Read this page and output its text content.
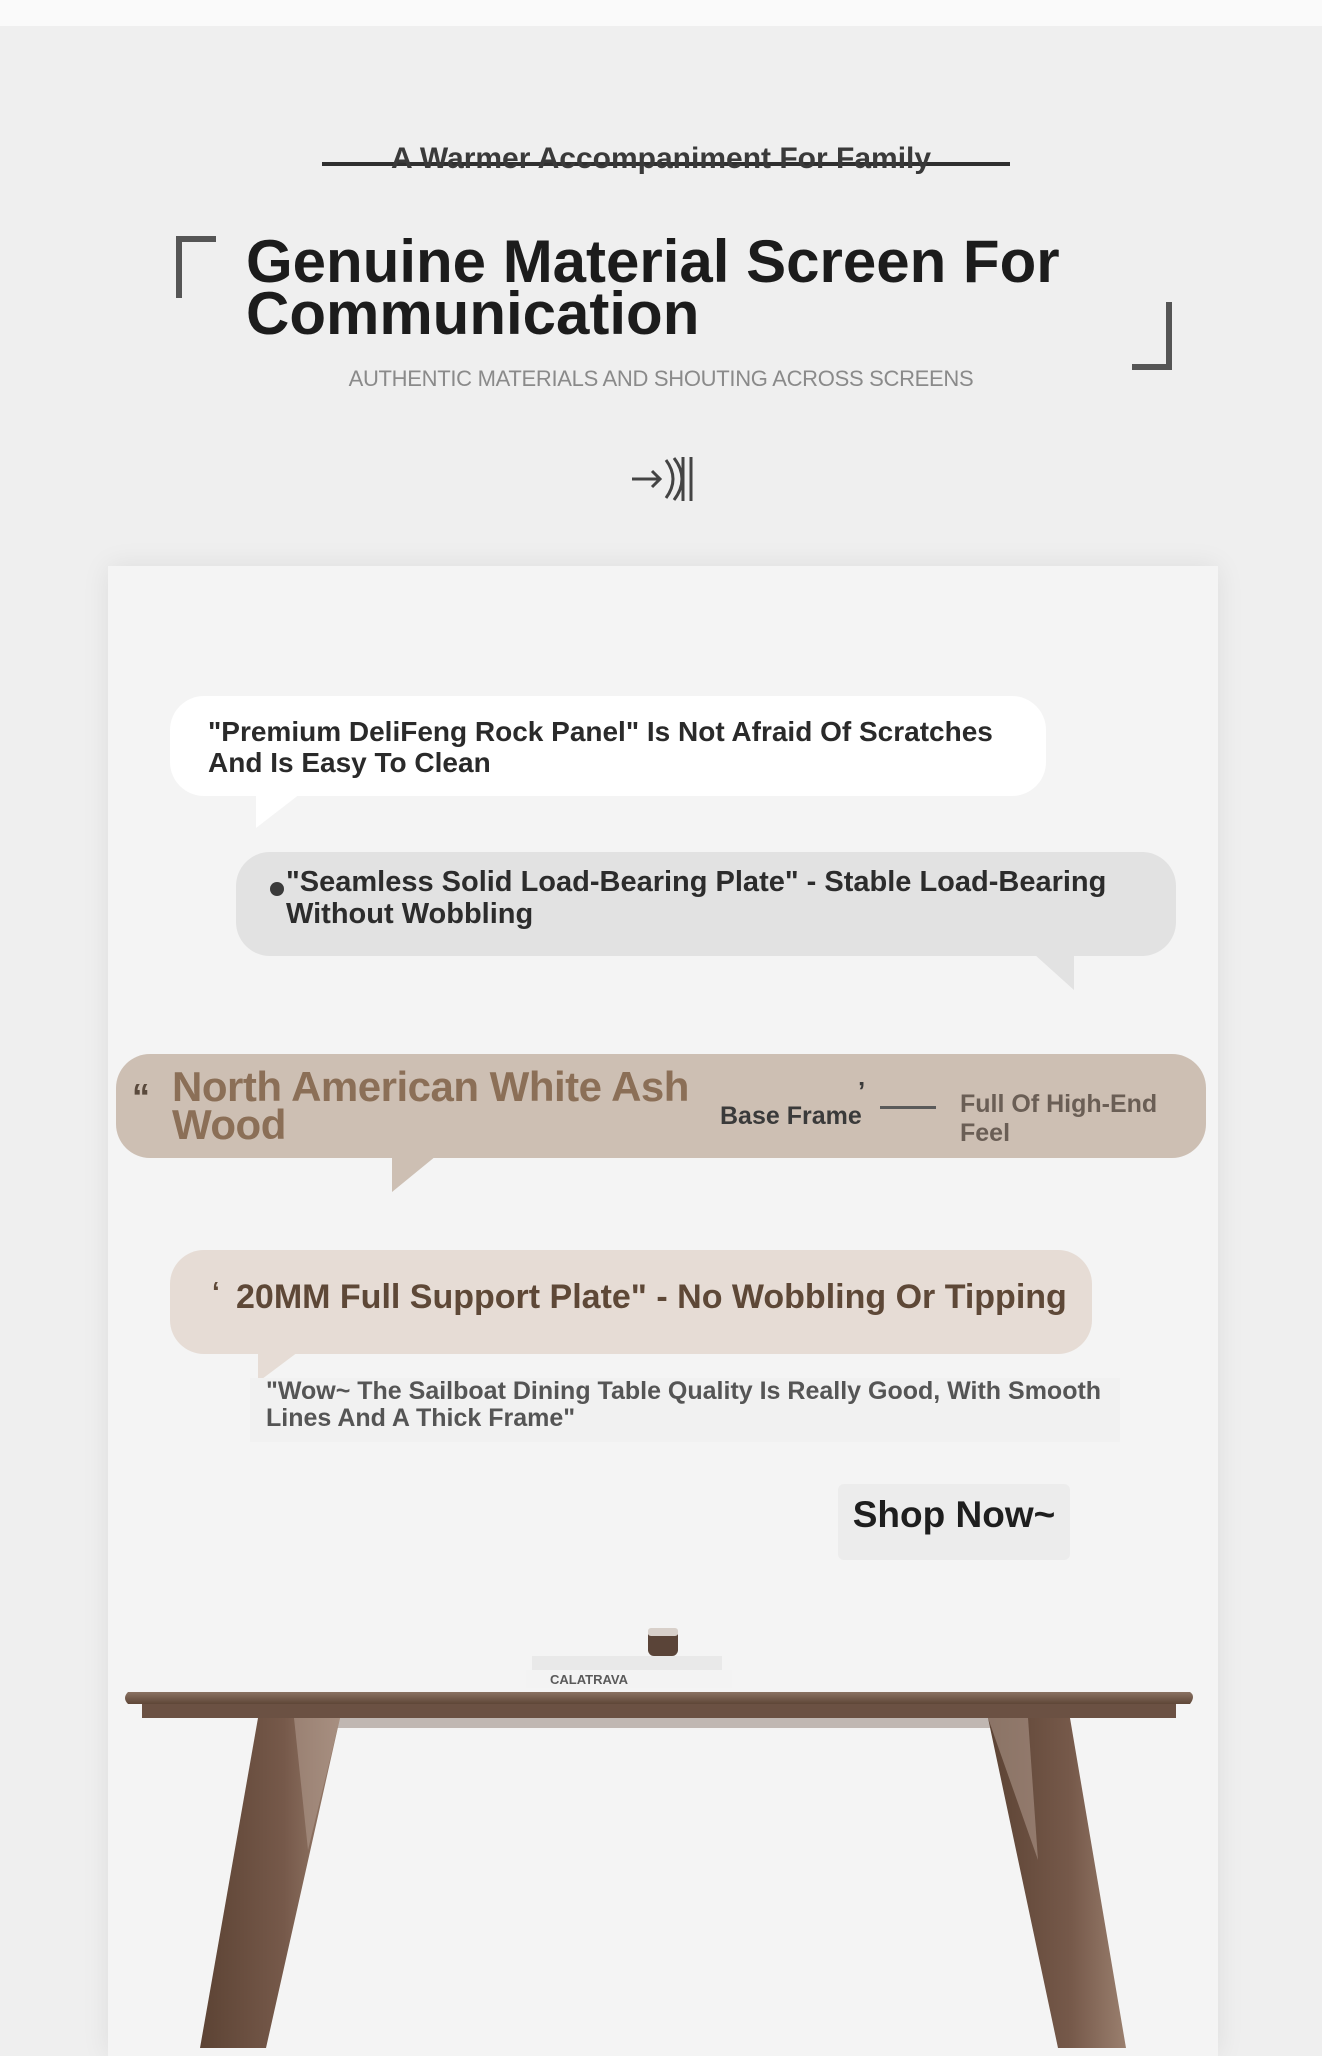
A Warmer Accompaniment For Family
Genuine Material Screen For Communication
AUTHENTIC MATERIALS AND SHOUTING ACROSS SCREENS
"Premium DeliFeng Rock Panel" Is Not Afraid Of Scratches And Is Easy To Clean
"Seamless Solid Load-Bearing Plate" - Stable Load-Bearing Without Wobbling
“ North American White Ash Wood	Base Frame
’	Full Of High-End Feel
‘ 20MM Full Support Plate" - No Wobbling Or Tipping
"Wow~ The Sailboat Dining Table Quality Is Really Good, With Smooth Lines And A Thick Frame"
Shop Now~
CALATRAVA
